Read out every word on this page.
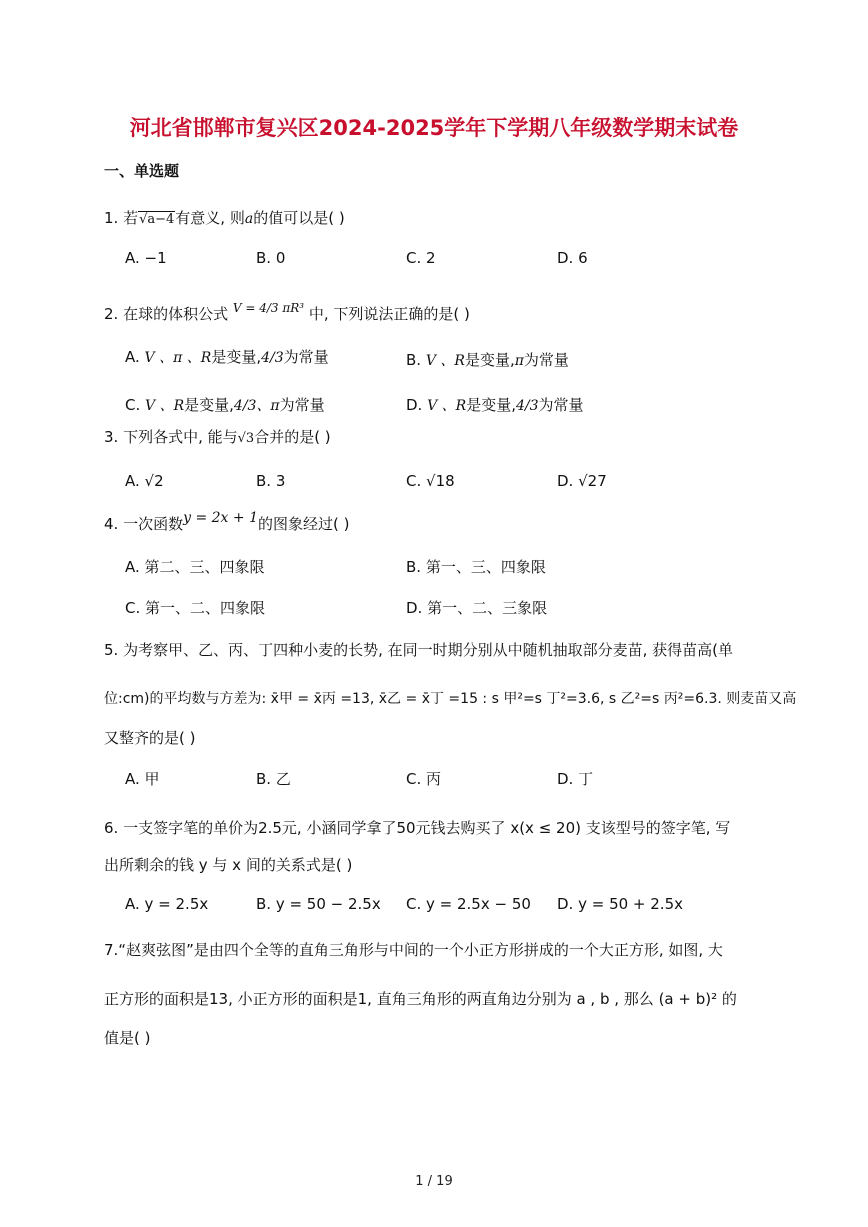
河北省邯郸市复兴区2024-2025学年下学期八年级数学期末试卷
一、单选题
1. 若√a−4有意义, 则a的值可以是( )
A. −1	B. 0	C. 2	D. 6
2. 在球的体积公式 $^{V = 4/3 \pi R^3}$ 中, 下列说法正确的是( )
A. V 、π 、R是变量,4/3为常量	B. V 、R是变量,π为常量
C. V 、R是变量,4/3、π为常量	D. V 、R是变量,4/3为常量
3. 下列各式中, 能与√3合并的是( )
A. √2	B. 3	C. √18	D. √27
4. 一次函数y = 2x + 1的图象经过( )
A. 第二、三、四象限	B. 第一、三、四象限
C. 第一、二、四象限	D. 第一、二、三象限
5. 为考察甲、乙、丙、丁四种小麦的长势, 在同一时期分别从中随机抽取部分麦苗, 获得苗高(单
位:cm)的平均数与方差为: x̄甲 = x̄丙 =13, x̄乙 = x̄丁 =15 : s 甲²=s 丁²=3.6, s 乙²=s 丙²=6.3. 则麦苗又高
又整齐的是( )
A. 甲	B. 乙	C. 丙	D. 丁
6. 一支签字笔的单价为2.5元, 小涵同学拿了50元钱去购买了 x(x ≤ 20) 支该型号的签字笔, 写
出所剩余的钱 y 与 x 间的关系式是( )
A. y = 2.5x	B. y = 50 − 2.5x C. y = 2.5x − 50 D. y = 50 + 2.5x
7.“赵爽弦图”是由四个全等的直角三角形与中间的一个小正方形拼成的一个大正方形, 如图, 大
正方形的面积是13, 小正方形的面积是1, 直角三角形的两直角边分别为 a , b , 那么 (a + b)² 的
值是( )
1 / 19
